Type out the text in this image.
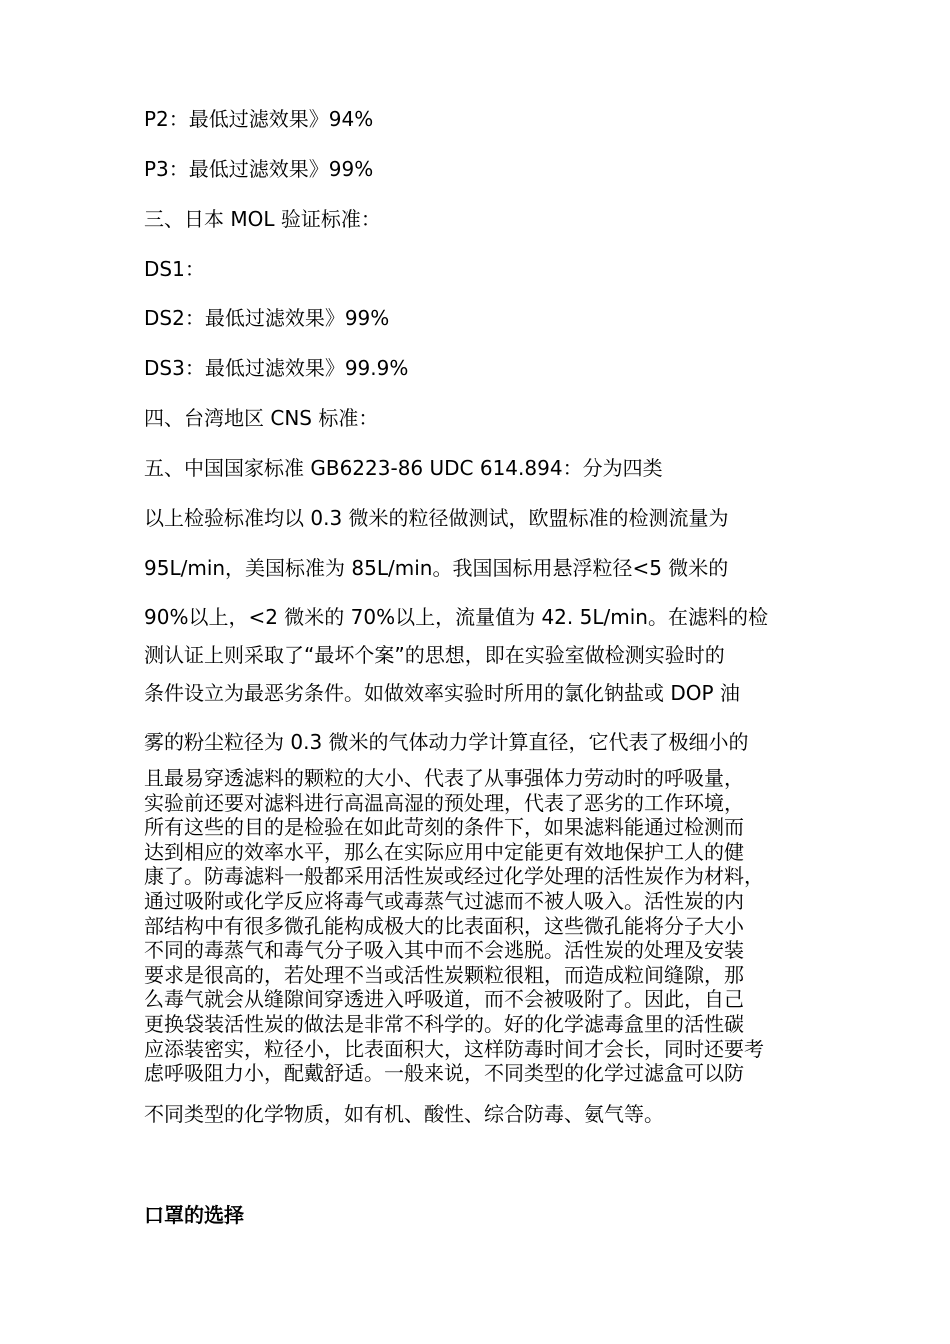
P2：最低过滤效果》94%
P3：最低过滤效果》99%
三、日本 MOL 验证标准：
DS1：
DS2：最低过滤效果》99%
DS3：最低过滤效果》99.9%
四、台湾地区 CNS 标准：
五、中国国家标准 GB6223-86 UDC 614.894：分为四类
以上检验标准均以 0.3 微米的粒径做测试，欧盟标准的检测流量为
95L/min，美国标准为 85L/min。我国国标用悬浮粒径<5 微米的
90%以上，<2 微米的 70%以上，流量值为 42. 5L/min。在滤料的检
测认证上则采取了“最坏个案”的思想，即在实验室做检测实验时的
条件设立为最恶劣条件。如做效率实验时所用的氯化钠盐或 DOP 油
雾的粉尘粒径为 0.3 微米的气体动力学计算直径，它代表了极细小的
且最易穿透滤料的颗粒的大小、代表了从事强体力劳动时的呼吸量，
实验前还要对滤料进行高温高湿的预处理，代表了恶劣的工作环境，
所有这些的目的是检验在如此苛刻的条件下，如果滤料能通过检测而
达到相应的效率水平，那么在实际应用中定能更有效地保护工人的健
康了。防毒滤料一般都采用活性炭或经过化学处理的活性炭作为材料，
通过吸附或化学反应将毒气或毒蒸气过滤而不被人吸入。活性炭的内
部结构中有很多微孔能构成极大的比表面积，这些微孔能将分子大小
不同的毒蒸气和毒气分子吸入其中而不会逃脱。活性炭的处理及安装
要求是很高的，若处理不当或活性炭颗粒很粗，而造成粒间缝隙，那
么毒气就会从缝隙间穿透进入呼吸道，而不会被吸附了。因此，自己
更换袋装活性炭的做法是非常不科学的。好的化学滤毒盒里的活性碳
应添装密实，粒径小，比表面积大，这样防毒时间才会长，同时还要考
虑呼吸阻力小，配戴舒适。一般来说，不同类型的化学过滤盒可以防
不同类型的化学物质，如有机、酸性、综合防毒、氨气等。
口罩的选择
